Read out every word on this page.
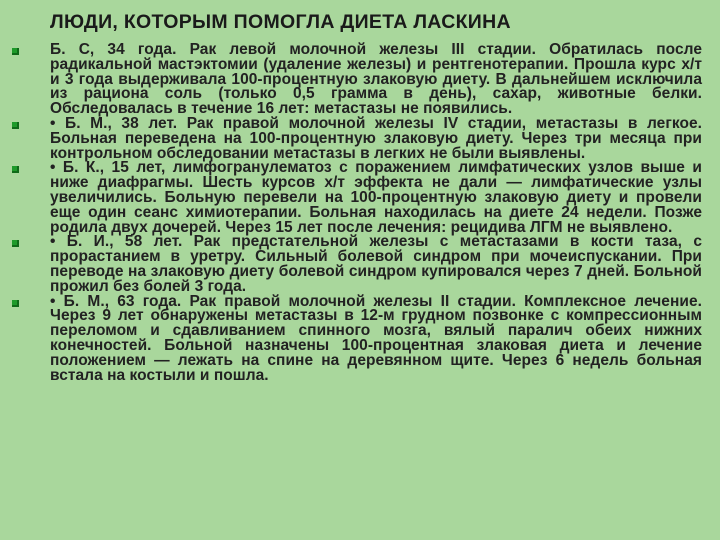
ЛЮДИ, КОТОРЫМ ПОМОГЛА ДИЕТА ЛАСКИНА
Б. С, 34 года. Рак левой молочной железы III стадии. Обратилась после радикальной мастэктомии (удаление железы) и рентгенотерапии. Прошла курс х/т и 3 года выдерживала 100-процентную злаковую диету. В дальнейшем исключила из рациона соль (только 0,5 грамма в день), сахар, животные белки. Обследовалась в течение 16 лет: метастазы не появились.
• Б. М., 38 лет. Рак правой молочной железы IV стадии, метастазы в легкое. Больная переведена на 100-процентную злаковую диету. Через три месяца при контрольном обследовании метастазы в легких не были выявлены.
• Б. К., 15 лет, лимфогранулематоз с поражением лимфатических узлов выше и ниже диафрагмы. Шесть курсов х/т эффекта не дали — лимфатические узлы увеличились. Больную перевели на 100-процентную злаковую диету и провели еще один сеанс химиотерапии. Больная находилась на диете 24 недели. Позже родила двух дочерей. Через 15 лет после лечения: рецидива ЛГМ не выявлено.
• Б. И., 58 лет. Рак предстательной железы с метастазами в кости таза, с прорастанием в уретру. Сильный болевой синдром при мочеиспускании. При переводе на злаковую диету болевой синдром купировался через 7 дней. Больной прожил без болей 3 года.
• Б. М., 63 года. Рак правой молочной железы II стадии. Комплексное лечение. Через 9 лет обнаружены метастазы в 12-м грудном позвонке с компрессионным переломом и сдавливанием спинного мозга, вялый паралич обеих нижних конечностей. Больной назначены 100-процентная злаковая диета и лечение положением — лежать на спине на деревянном щите. Через 6 недель больная встала на костыли и пошла.
